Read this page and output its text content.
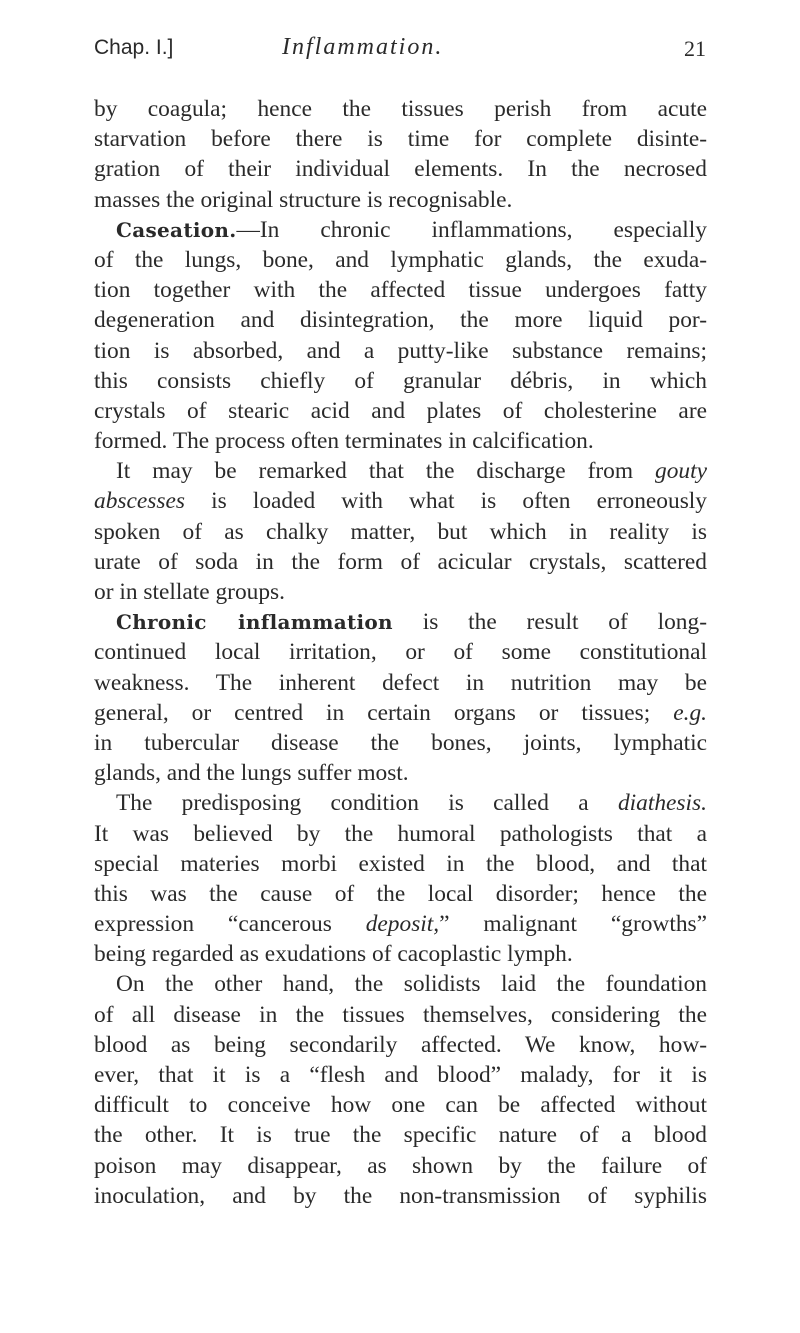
Chap. I.]	Inflammation.	21
by coagula; hence the tissues perish from acute
starvation before there is time for complete disinte-
gration of their individual elements. In the necrosed
masses the original structure is recognisable.
Caseation.—In chronic inflammations, especially
of the lungs, bone, and lymphatic glands, the exuda-
tion together with the affected tissue undergoes fatty
degeneration and disintegration, the more liquid por-
tion is absorbed, and a putty-like substance remains;
this consists chiefly of granular débris, in which
crystals of stearic acid and plates of cholesterine are
formed. The process often terminates in calcification.
It may be remarked that the discharge from gouty
abscesses is loaded with what is often erroneously
spoken of as chalky matter, but which in reality is
urate of soda in the form of acicular crystals, scattered
or in stellate groups.
Chronic inflammation is the result of long-
continued local irritation, or of some constitutional
weakness. The inherent defect in nutrition may be
general, or centred in certain organs or tissues; e.g.
in tubercular disease the bones, joints, lymphatic
glands, and the lungs suffer most.
The predisposing condition is called a diathesis.
It was believed by the humoral pathologists that a
special materies morbi existed in the blood, and that
this was the cause of the local disorder; hence the
expression “cancerous deposit,” malignant “growths”
being regarded as exudations of cacoplastic lymph.
On the other hand, the solidists laid the foundation
of all disease in the tissues themselves, considering the
blood as being secondarily affected. We know, how-
ever, that it is a “flesh and blood” malady, for it is
difficult to conceive how one can be affected without
the other. It is true the specific nature of a blood
poison may disappear, as shown by the failure of
inoculation, and by the non-transmission of syphilis
